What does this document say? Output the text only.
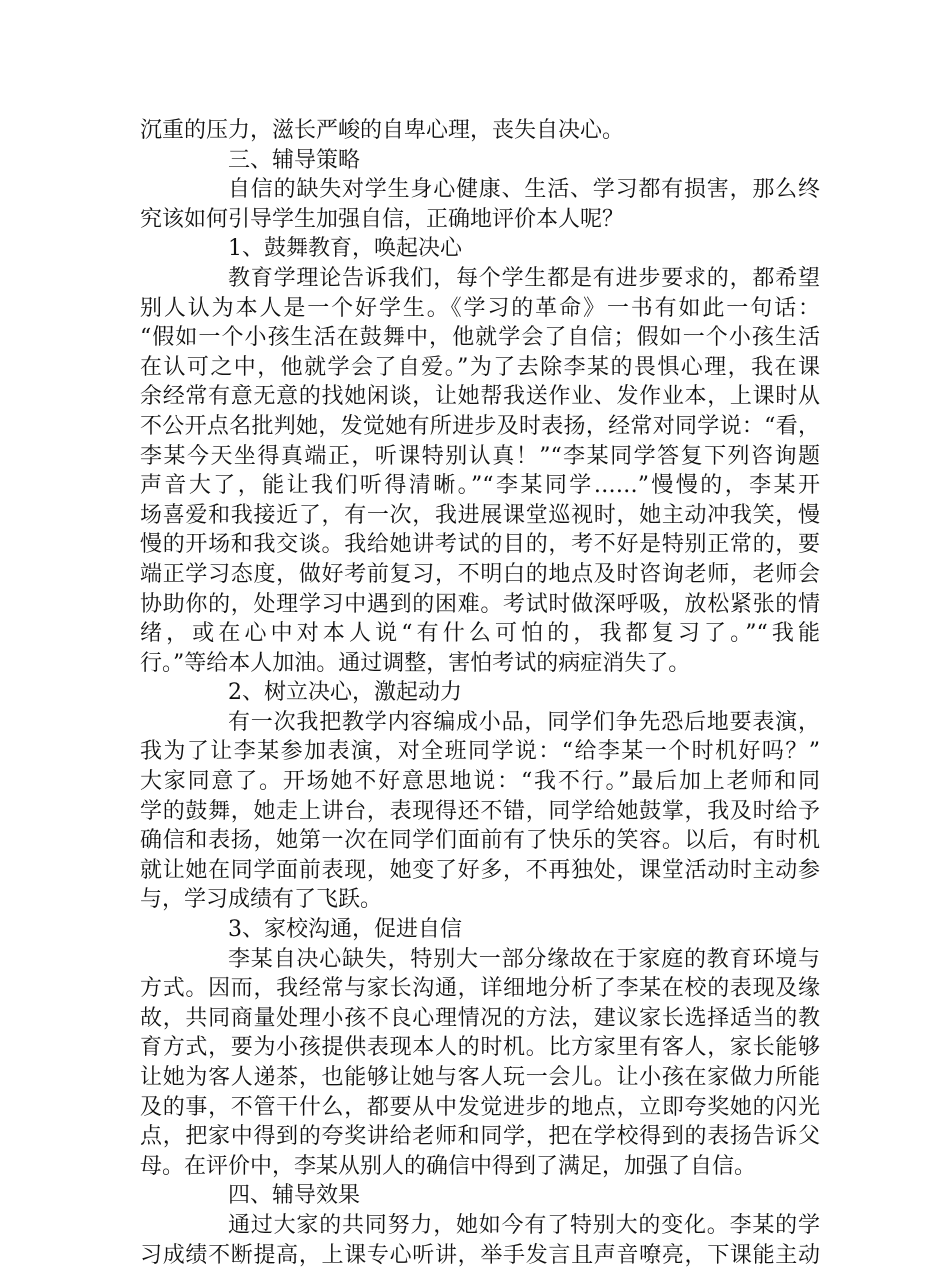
沉重的压力，滋长严峻的自卑心理，丧失自决心。
三、辅导策略
自信的缺失对学生身心健康、生活、学习都有损害，那么终
究该如何引导学生加强自信，正确地评价本人呢？
1、鼓舞教育，唤起决心
教育学理论告诉我们，每个学生都是有进步要求的，都希望
别人认为本人是一个好学生。《学习的革命》一书有如此一句话：
“假如一个小孩生活在鼓舞中，他就学会了自信；假如一个小孩生活
在认可之中，他就学会了自爱。”为了去除李某的畏惧心理，我在课
余经常有意无意的找她闲谈，让她帮我送作业、发作业本，上课时从
不公开点名批判她，发觉她有所进步及时表扬，经常对同学说：“看，
李某今天坐得真端正，听课特别认真！”“李某同学答复下列咨询题
声音大了，能让我们听得清晰。”“李某同学……”慢慢的，李某开
场喜爱和我接近了，有一次，我进展课堂巡视时，她主动冲我笑，慢
慢的开场和我交谈。我给她讲考试的目的，考不好是特别正常的，要
端正学习态度，做好考前复习，不明白的地点及时咨询老师，老师会
协助你的，处理学习中遇到的困难。考试时做深呼吸，放松紧张的情
绪，或在心中对本人说“有什么可怕的，我都复习了。”“我能
行。”等给本人加油。通过调整，害怕考试的病症消失了。
2、树立决心，激起动力
有一次我把教学内容编成小品，同学们争先恐后地要表演，
我为了让李某参加表演，对全班同学说：“给李某一个时机好吗？”
大家同意了。开场她不好意思地说：“我不行。”最后加上老师和同
学的鼓舞，她走上讲台，表现得还不错，同学给她鼓掌，我及时给予
确信和表扬，她第一次在同学们面前有了快乐的笑容。以后，有时机
就让她在同学面前表现，她变了好多，不再独处，课堂活动时主动参
与，学习成绩有了飞跃。
3、家校沟通，促进自信
李某自决心缺失，特别大一部分缘故在于家庭的教育环境与
方式。因而，我经常与家长沟通，详细地分析了李某在校的表现及缘
故，共同商量处理小孩不良心理情况的方法，建议家长选择适当的教
育方式，要为小孩提供表现本人的时机。比方家里有客人，家长能够
让她为客人递茶，也能够让她与客人玩一会儿。让小孩在家做力所能
及的事，不管干什么，都要从中发觉进步的地点，立即夸奖她的闪光
点，把家中得到的夸奖讲给老师和同学，把在学校得到的表扬告诉父
母。在评价中，李某从别人的确信中得到了满足，加强了自信。
四、辅导效果
通过大家的共同努力，她如今有了特别大的变化。李某的学
习成绩不断提高，上课专心听讲，举手发言且声音嘹亮，下课能主动
